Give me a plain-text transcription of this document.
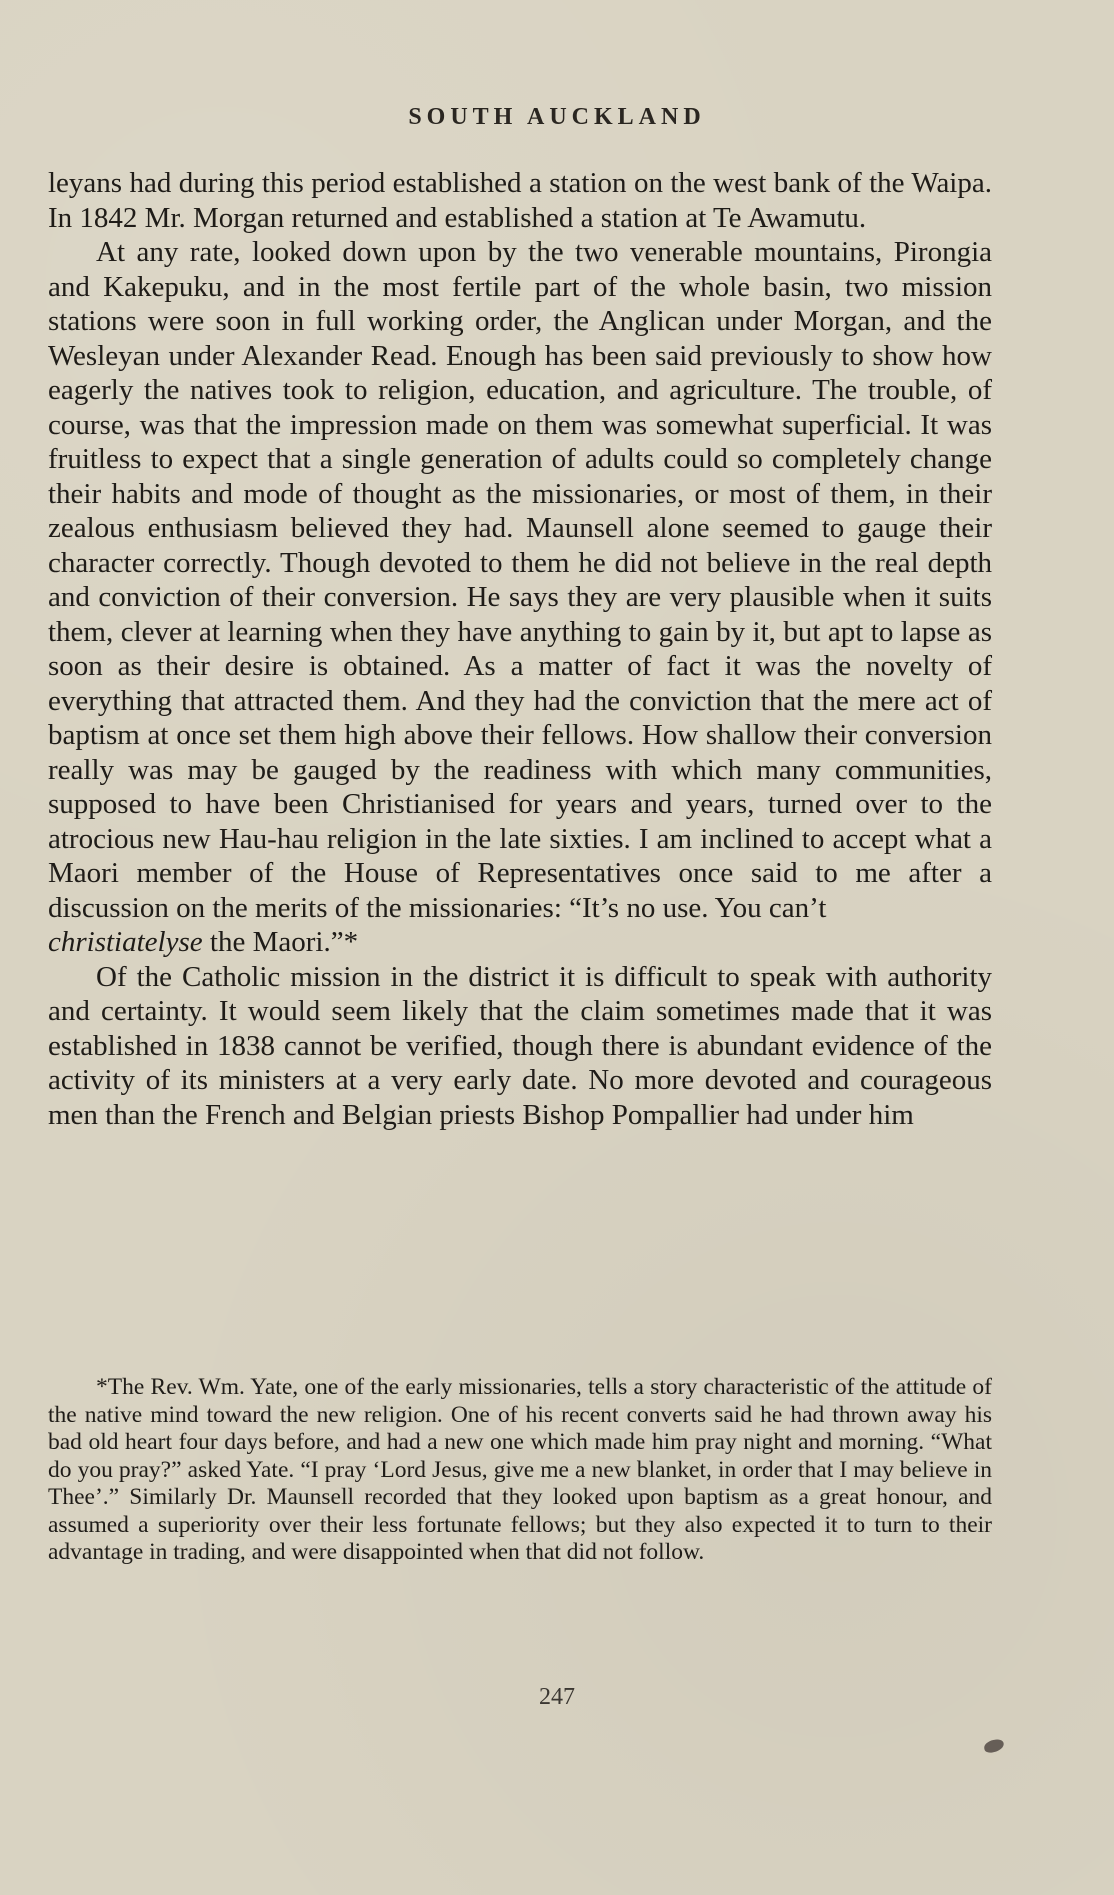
SOUTH AUCKLAND

leyans had during this period established a station on the west bank of the Waipa. In 1842 Mr. Morgan returned and established a station at Te Awamutu.

At any rate, looked down upon by the two venerable mountains, Pirongia and Kakepuku, and in the most fertile part of the whole basin, two mission stations were soon in full working order, the Anglican under Morgan, and the Wesleyan under Alexander Read. Enough has been said previously to show how eagerly the natives took to religion, education, and agriculture. The trouble, of course, was that the impression made on them was somewhat superficial. It was fruitless to expect that a single generation of adults could so completely change their habits and mode of thought as the missionaries, or most of them, in their zealous enthusiasm believed they had. Maunsell alone seemed to gauge their character correctly. Though devoted to them he did not believe in the real depth and conviction of their conversion. He says they are very plausible when it suits them, clever at learning when they have anything to gain by it, but apt to lapse as soon as their desire is obtained. As a matter of fact it was the novelty of everything that attracted them. And they had the conviction that the mere act of baptism at once set them high above their fellows. How shallow their conversion really was may be gauged by the readiness with which many communities, supposed to have been Christianised for years and years, turned over to the atrocious new Hau-hau religion in the late sixties. I am inclined to accept what a Maori member of the House of Representatives once said to me after a discussion on the merits of the missionaries: “It’s no use. You can’t
christiatelyse the Maori.”*

Of the Catholic mission in the district it is difficult to speak with authority and certainty. It would seem likely that the claim sometimes made that it was established in 1838 cannot be verified, though there is abundant evidence of the activity of its ministers at a very early date. No more devoted and courageous men than the French and Belgian priests Bishop Pompallier had under him

*The Rev. Wm. Yate, one of the early missionaries, tells a story characteristic of the attitude of the native mind toward the new religion. One of his recent converts said he had thrown away his bad old heart four days before, and had a new one which made him pray night and morning. “What do you pray?” asked Yate. “I pray ‘Lord Jesus, give me a new blanket, in order that I may believe in Thee’.” Similarly Dr. Maunsell recorded that they looked upon baptism as a great honour, and assumed a superiority over their less fortunate fellows; but they also expected it to turn to their advantage in trading, and were disappointed when that did not follow.

247
